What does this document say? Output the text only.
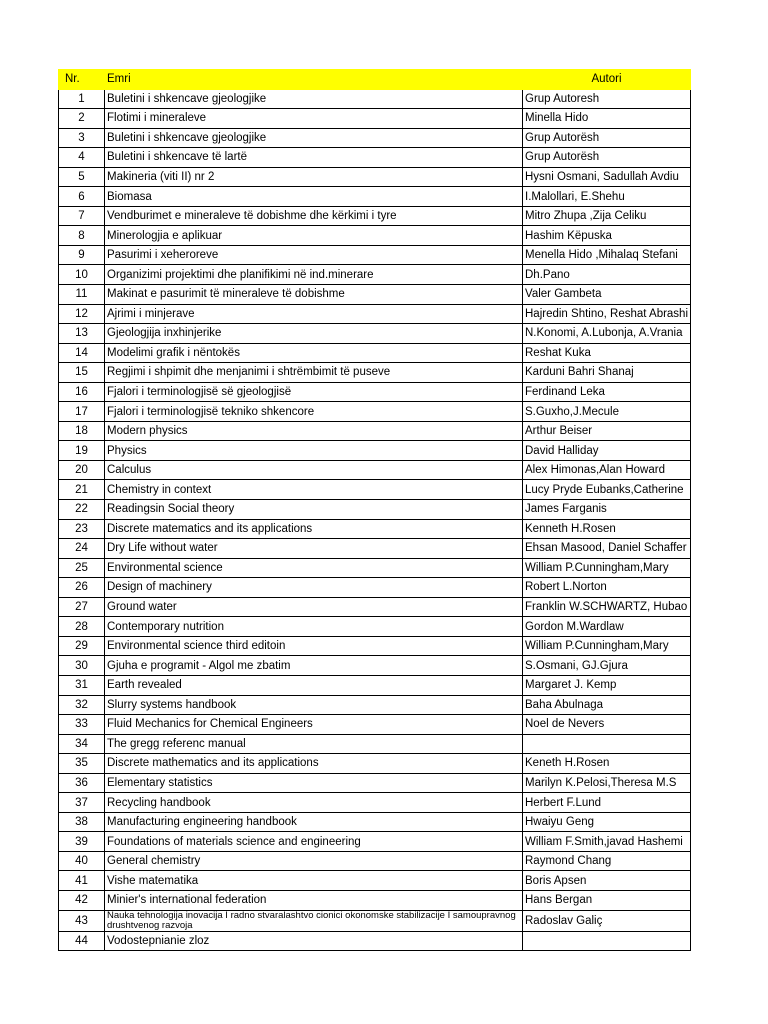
Nr.	Emri	Autori
1	Buletini i shkencave gjeologjike	Grup Autoresh
2	Flotimi i mineraleve	Minella Hido
3	Buletini i shkencave gjeologjike	Grup Autorësh
4	Buletini i shkencave të lartë	Grup Autorësh
5	Makineria (viti II) nr 2	Hysni Osmani, Sadullah Avdiu
6	Biomasa	I.Malollari, E.Shehu
7	Vendburimet e mineraleve të dobishme dhe kërkimi i tyre	Mitro Zhupa ,Zija Celiku
8	Minerologjia e aplikuar	Hashim Këpuska
9	Pasurimi i xeheroreve	Menella Hido ,Mihalaq Stefani
10	Organizimi projektimi dhe planifikimi në ind.minerare	Dh.Pano
11	Makinat e pasurimit të mineraleve të dobishme	Valer Gambeta
12	Ajrimi i minjerave	Hajredin Shtino, Reshat Abrashi
13	Gjeologjija inxhinjerike	N.Konomi, A.Lubonja, A.Vrania
14	Modelimi grafik i nëntokës	Reshat Kuka
15	Regjimi i shpimit dhe menjanimi i shtrëmbimit të puseve	Karduni Bahri Shanaj
16	Fjalori i terminologjisë së gjeologjisë	Ferdinand Leka
17	Fjalori i terminologjisë tekniko shkencore	S.Guxho,J.Mecule
18	Modern physics	Arthur Beiser
19	Physics	David Halliday
20	Calculus	Alex Himonas,Alan Howard
21	Chemistry in context	Lucy Pryde Eubanks,Catherine
22	Readingsin Social theory	James Farganis
23	Discrete matematics and its applications	Kenneth H.Rosen
24	Dry Life without water	Ehsan Masood, Daniel Schaffer
25	Environmental science	William P.Cunningham,Mary
26	Design of machinery	Robert L.Norton
27	Ground water	Franklin W.SCHWARTZ, Hubao
28	Contemporary nutrition	Gordon M.Wardlaw
29	Environmental science third editoin	William P.Cunningham,Mary
30	Gjuha e programit - Algol me zbatim	S.Osmani, GJ.Gjura
31	Earth revealed	Margaret J. Kemp
32	Slurry systems handbook	Baha Abulnaga
33	Fluid Mechanics for Chemical Engineers	Noel de Nevers
34	The gregg referenc manual	
35	Discrete mathematics and its applications	Keneth H.Rosen
36	Elementary statistics	Marilyn K.Pelosi,Theresa M.S
37	Recycling handbook	Herbert F.Lund
38	Manufacturing engineering handbook	Hwaiyu Geng
39	Foundations of materials science and engineering	William F.Smith,javad Hashemi
40	General chemistry	Raymond Chang
41	Vishe matematika	Boris Apsen
42	Minier's international federation	Hans Bergan
43	Nauka tehnologija inovacija I radno stvaralashtvo cionici okonomske stabilizacije I samoupravnog drushtvenog razvoja	Radoslav Galiç
44	Vodostepnianie zloz	
